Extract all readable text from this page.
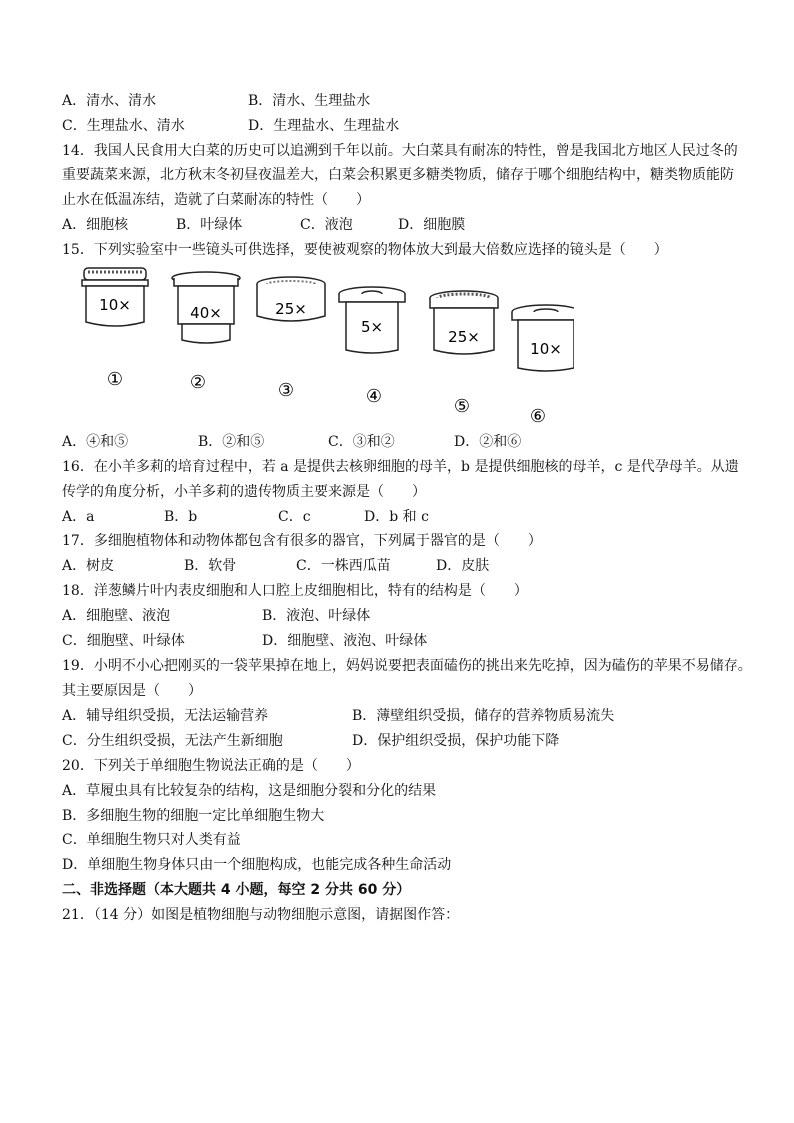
A．清水、清水	B．清水、生理盐水
C．生理盐水、清水	D．生理盐水、生理盐水
14．我国人民食用大白菜的历史可以追溯到千年以前。大白菜具有耐冻的特性，曾是我国北方地区人民过冬的
重要蔬菜来源，北方秋末冬初昼夜温差大，白菜会积累更多糖类物质，储存于哪个细胞结构中，糖类物质能防
止水在低温冻结，造就了白菜耐冻的特性（　　）
A．细胞核	B．叶绿体	C．液泡	D．细胞膜
15．下列实验室中一些镜头可供选择，要使被观察的物体放大到最大倍数应选择的镜头是（　　）
10×
①
40×
②
25×
③
5×
④
25×
⑤
10×
⑥
A．④和⑤	B．②和⑤	C．③和②	D．②和⑥
16．在小羊多莉的培育过程中，若 a 是提供去核卵细胞的母羊，b 是提供细胞核的母羊，c 是代孕母羊。从遗
传学的角度分析，小羊多莉的遗传物质主要来源是（　　）
A．a	B．b	C．c	D．b 和 c
17．多细胞植物体和动物体都包含有很多的器官，下列属于器官的是（　　）
A．树皮	B．软骨	C．一株西瓜苗	D．皮肤
18．洋葱鳞片叶内表皮细胞和人口腔上皮细胞相比，特有的结构是（　　）
A．细胞壁、液泡	B．液泡、叶绿体
C．细胞壁、叶绿体	D．细胞壁、液泡、叶绿体
19．小明不小心把刚买的一袋苹果掉在地上，妈妈说要把表面磕伤的挑出来先吃掉，因为磕伤的苹果不易储存。
其主要原因是（　　）
A．辅导组织受损，无法运输营养	B．薄壁组织受损，储存的营养物质易流失
C．分生组织受损，无法产生新细胞	D．保护组织受损，保护功能下降
20．下列关于单细胞生物说法正确的是（　　）
A．草履虫具有比较复杂的结构，这是细胞分裂和分化的结果
B．多细胞生物的细胞一定比单细胞生物大
C．单细胞生物只对人类有益
D．单细胞生物身体只由一个细胞构成，也能完成各种生命活动
二、非选择题（本大题共 4 小题，每空 2 分共 60 分）
21．（14 分）如图是植物细胞与动物细胞示意图，请据图作答：
